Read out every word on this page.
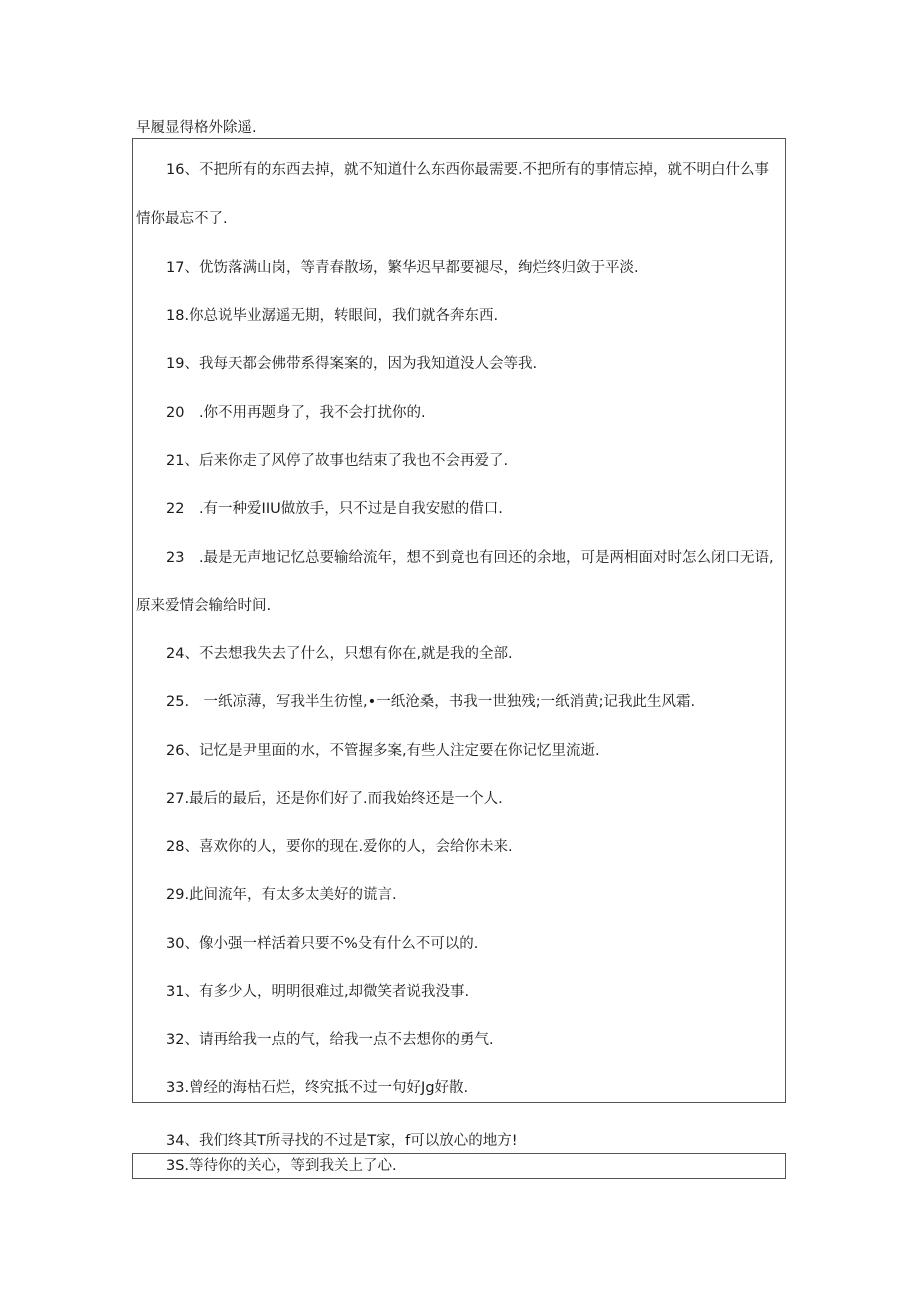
早履显得格外除遥.
16、不把所有的东西去掉，就不知道什么东西你最需要.不把所有的事情忘掉，就不明白什么事
情你最忘不了.
17、优饬落满山岗，等青春散场，繁华迟早都要褪尽，绚烂终归敛于平淡.
18.你总说毕业潺遥无期，转眼间，我们就各奔东西.
19、我每天都会佛带系得案案的，因为我知道没人会等我.
20　.你不用再题身了，我不会打扰你的.
21、后来你走了风停了故事也结束了我也不会再爱了.
22　.有一种爱IIU做放手，只不过是自我安慰的借口.
23　.最是无声地记忆总要输给流年，想不到竟也有回还的余地，可是两相面对时怎么闭口无语,
原来爱情会输给时间.
24、不去想我失去了什么，只想有你在,就是我的全部.
25.　一纸凉薄，写我半生彷惶,•一纸沧桑，书我一世独残;一纸消黄;记我此生风霜.
26、记忆是尹里面的水，不管握多案,有些人注定要在你记忆里流逝.
27.最后的最后，还是你们好了.而我始终还是一个人.
28、喜欢你的人，要你的现在.爱你的人，会给你未来.
29.此间流年，有太多太美好的谎言.
30、像小强一样活着只要不%殳有什么不可以的.
31、有多少人，明明很难过,却微笑者说我没事.
32、请再给我一点的气，给我一点不去想你的勇气.
33.曾经的海枯石烂，终究抵不过一句好Jg好散.
34、我们终其T所寻找的不过是T家，f可以放心的地方!
3S.等待你的关心，等到我关上了心.
